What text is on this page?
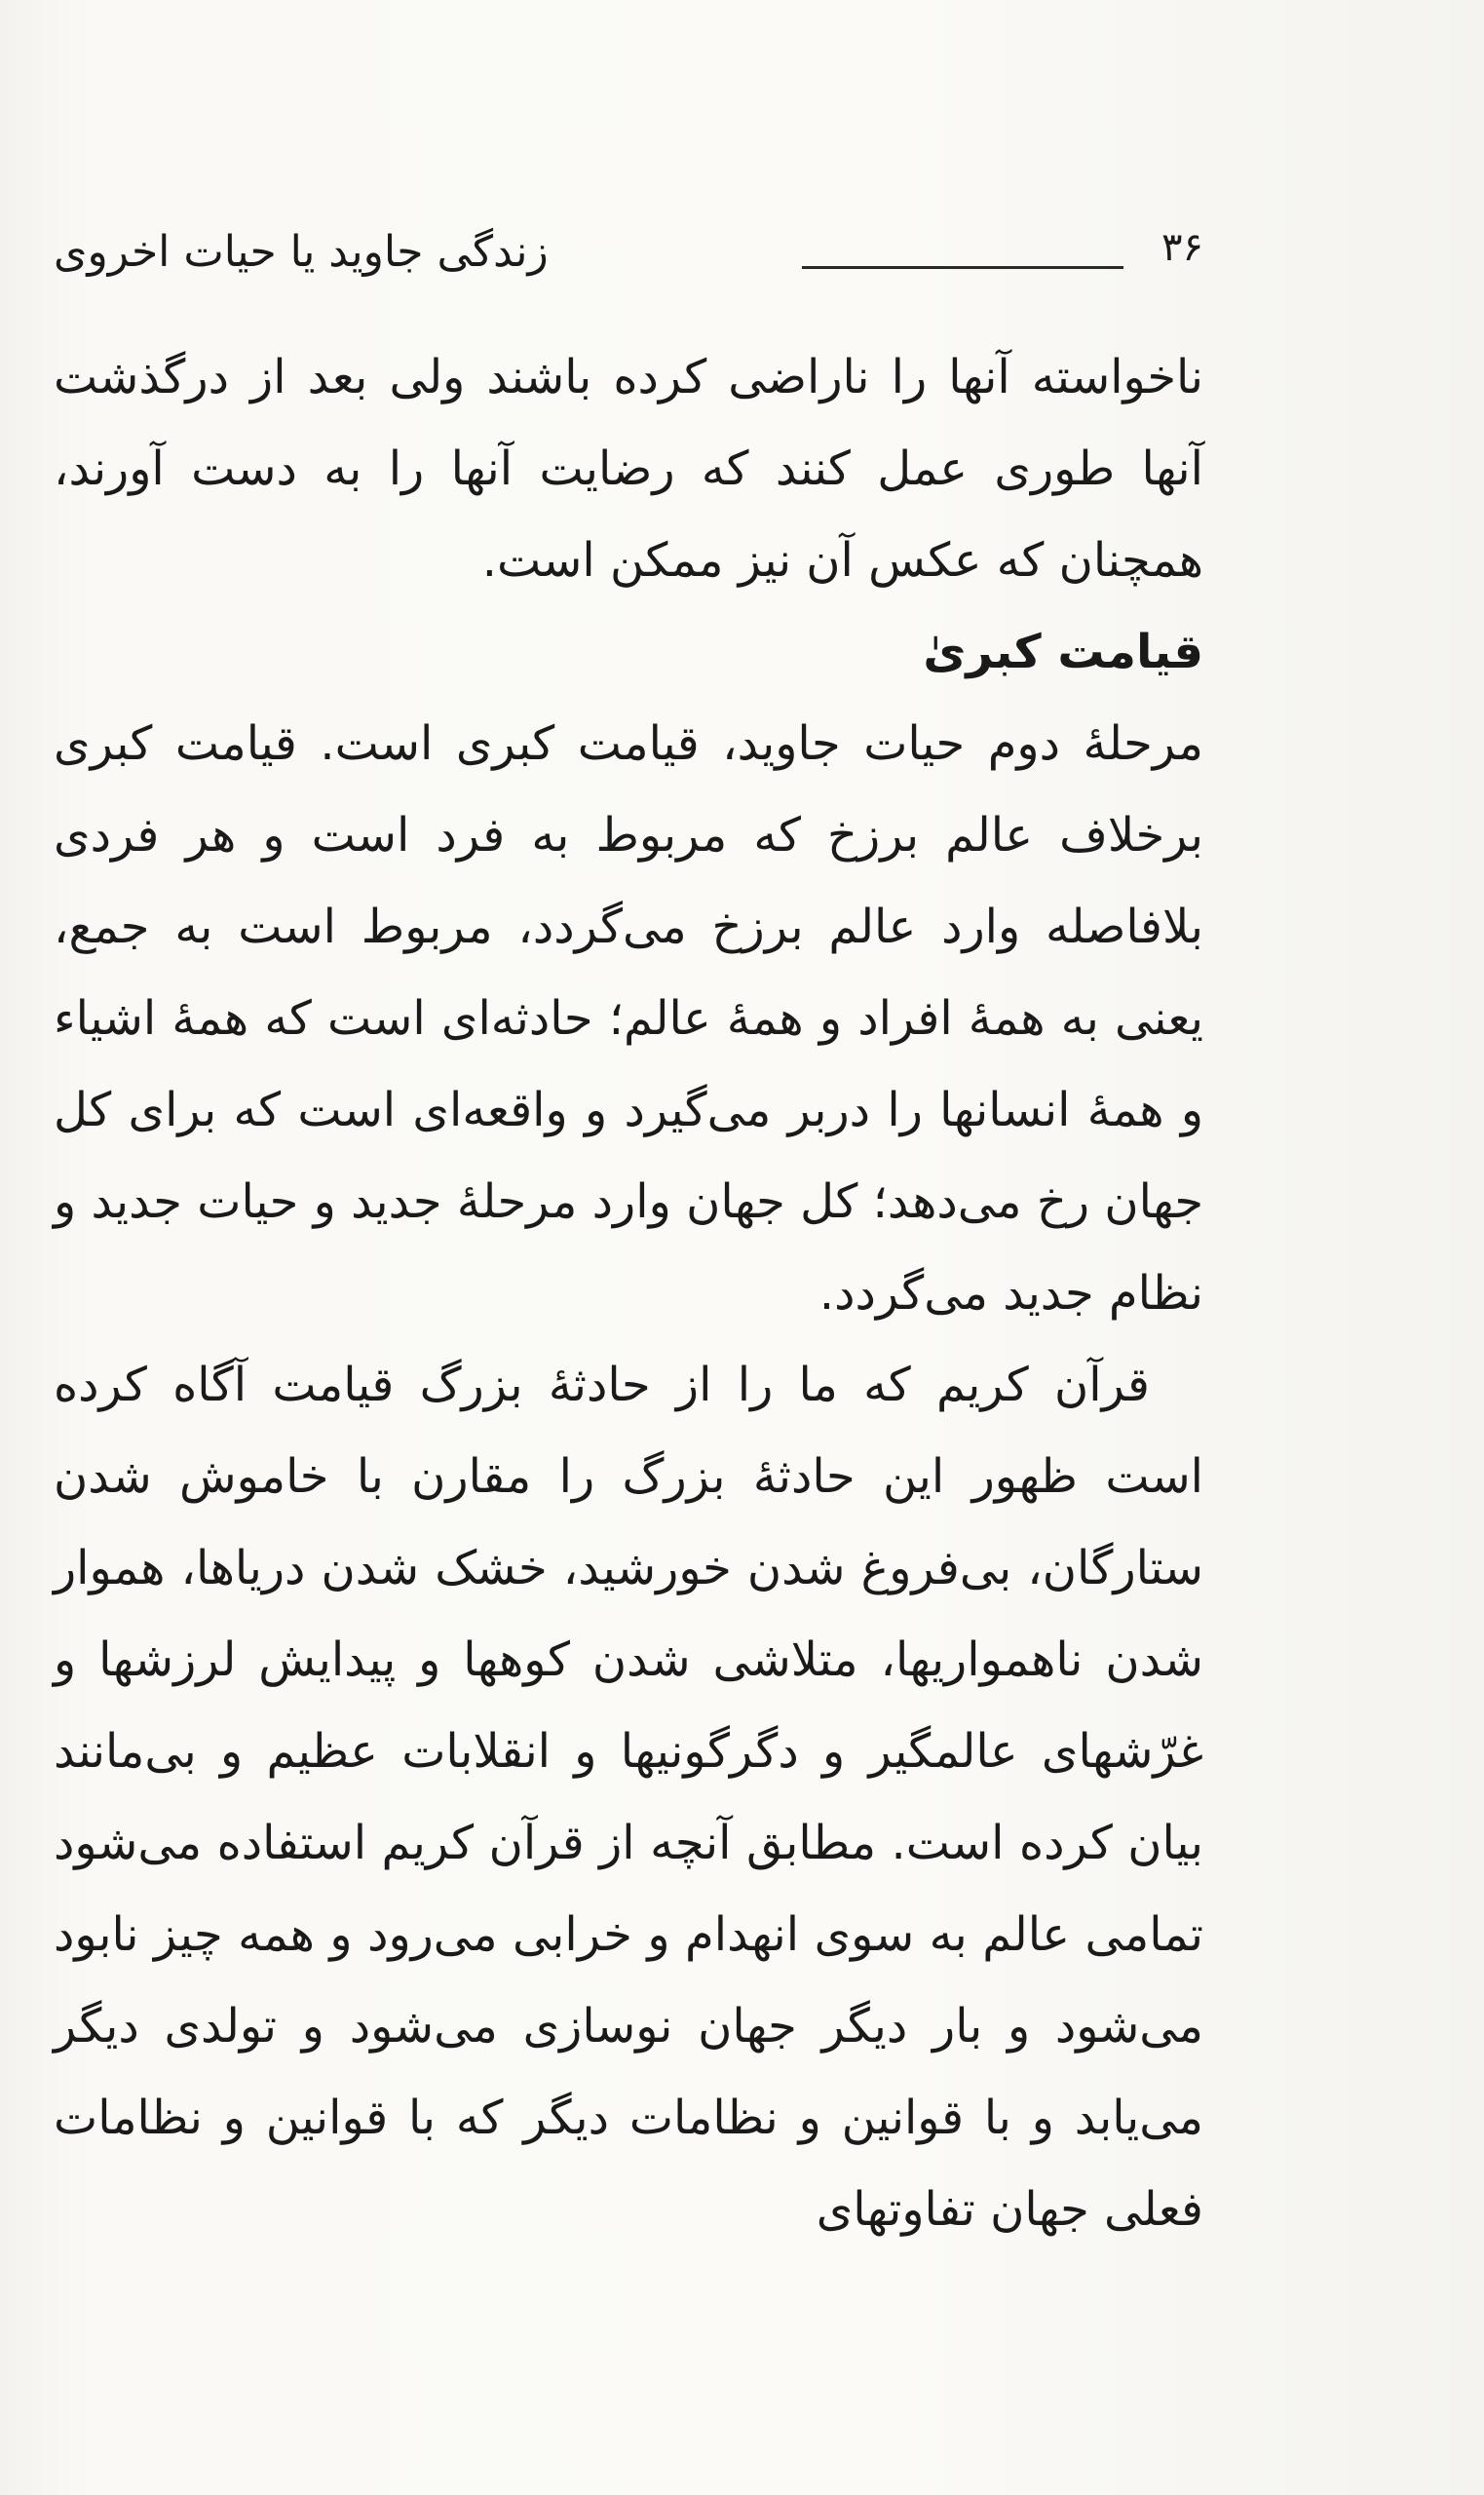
۳۶
زندگی جاوید یا حیات اخروی

ناخواسته آنها را ناراضی کرده باشند ولی بعد از درگذشت آنها طوری عمل کنند که رضایت آنها را به دست آورند، همچنان که عکس آن نیز ممکن است.

قیامت کبریٰ

مرحلۀ دوم حیات جاوید، قیامت کبری است. قیامت کبری برخلاف عالم برزخ که مربوط به فرد است و هر فردی بلافاصله وارد عالم برزخ می‌گردد، مربوط است به جمع، یعنی به همۀ افراد و همۀ عالم؛ حادثه‌ای است که همۀ اشیاء و همۀ انسانها را دربر می‌گیرد و واقعه‌ای است که برای کل جهان رخ می‌دهد؛ کل جهان وارد مرحلۀ جدید و حیات جدید و نظام جدید می‌گردد.

قرآن کریم که ما را از حادثۀ بزرگ قیامت آگاه کرده است ظهور این حادثۀ بزرگ را مقارن با خاموش شدن ستارگان، بی‌فروغ شدن خورشید، خشک شدن دریاها، هموار شدن ناهمواریها، متلاشی شدن کوهها و پیدایش لرزشها و غرّشهای عالمگیر و دگرگونیها و انقلابات عظیم و بی‌مانند بیان کرده است. مطابق آنچه از قرآن کریم استفاده می‌شود تمامی عالم به سوی انهدام و خرابی می‌رود و همه چیز نابود می‌شود و بار دیگر جهان نوسازی می‌شود و تولدی دیگر می‌یابد و با قوانین و نظامات دیگر که با قوانین و نظامات فعلی جهان تفاوتهای
